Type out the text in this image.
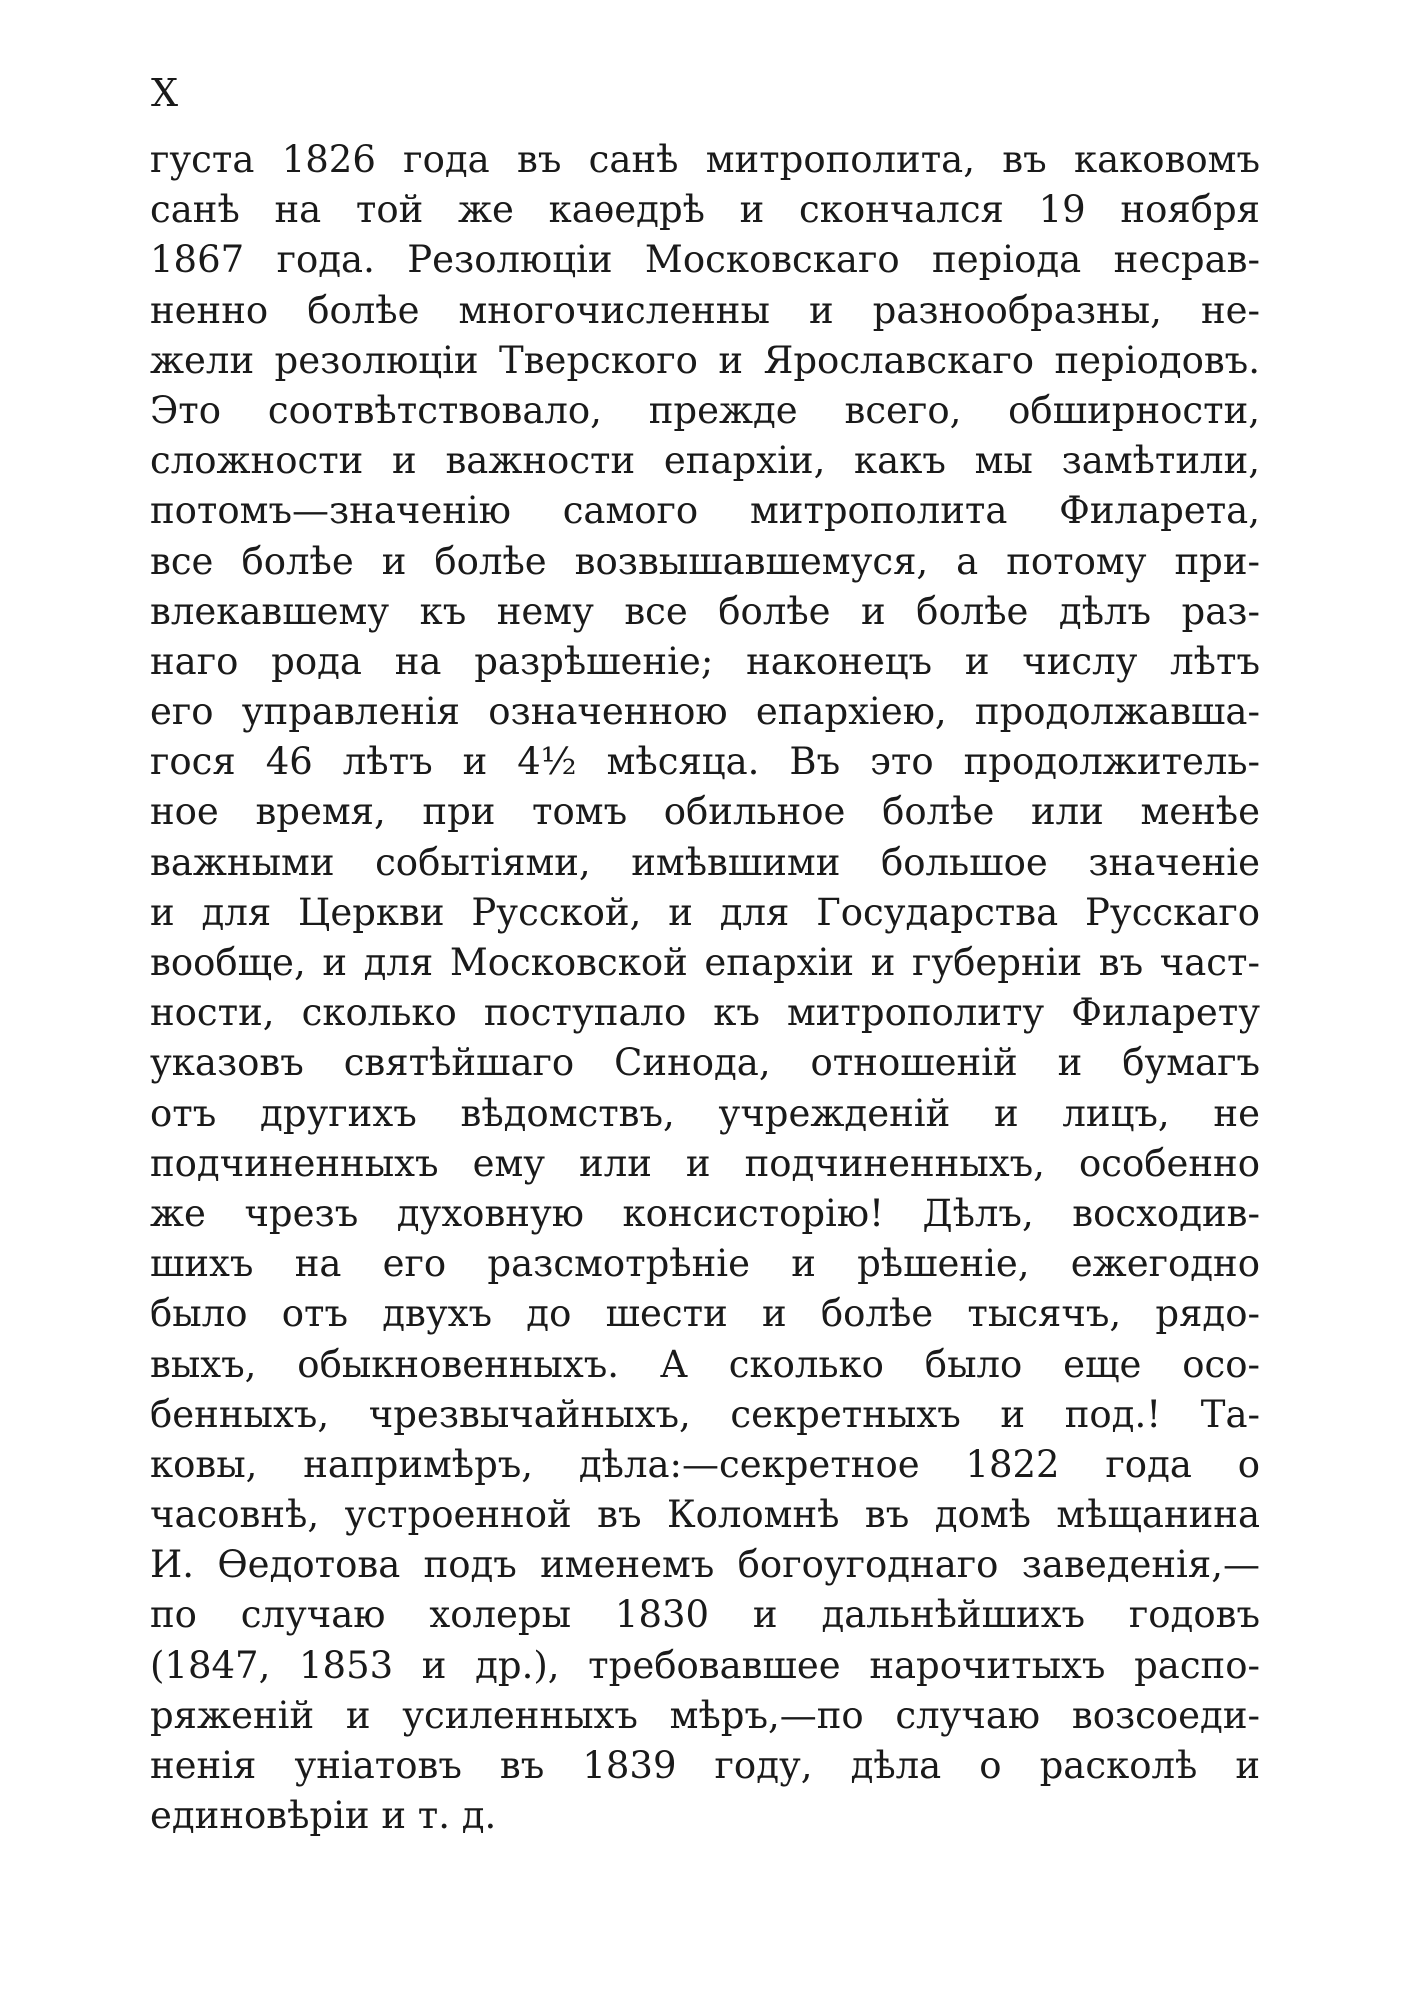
X
густа 1826 года въ санѣ митрополита, въ каковомъ
санѣ на той же каѳедрѣ и скончался 19 ноября
1867 года. Резолюціи Московскаго періода несрав-
ненно болѣе многочисленны и разнообразны, не-
жели резолюціи Тверского и Ярославскаго періодовъ.
Это соотвѣтствовало, прежде всего, обширности,
сложности и важности епархіи, какъ мы замѣтили,
потомъ—значенію самого митрополита Филарета,
все болѣе и болѣе возвышавшемуся, а потому при-
влекавшему къ нему все болѣе и болѣе дѣлъ раз-
наго рода на разрѣшеніе; наконецъ и числу лѣтъ
его управленія означенною епархіею, продолжавша-
гося 46 лѣтъ и 4½ мѣсяца. Въ это продолжитель-
ное время, при томъ обильное болѣе или менѣе
важными событіями, имѣвшими большое значеніе
и для Церкви Русской, и для Государства Русскаго
вообще, и для Московской епархіи и губерніи въ част-
ности, сколько поступало къ митрополиту Филарету
указовъ святѣйшаго Синода, отношеній и бумагъ
отъ другихъ вѣдомствъ, учрежденій и лицъ, не
подчиненныхъ ему или и подчиненныхъ, особенно
же чрезъ духовную консисторію! Дѣлъ, восходив-
шихъ на его разсмотрѣніе и рѣшеніе, ежегодно
было отъ двухъ до шести и болѣе тысячъ, рядо-
выхъ, обыкновенныхъ. А сколько было еще осо-
бенныхъ, чрезвычайныхъ, секретныхъ и под.! Та-
ковы, напримѣръ, дѣла:—секретное 1822 года о
часовнѣ, устроенной въ Коломнѣ въ домѣ мѣщанина
И. Ѳедотова подъ именемъ богоугоднаго заведенія,—
по случаю холеры 1830 и дальнѣйшихъ годовъ
(1847, 1853 и др.), требовавшее нарочитыхъ распо-
ряженій и усиленныхъ мѣръ,—по случаю возсоеди-
ненія уніатовъ въ 1839 году, дѣла о расколѣ и
единовѣріи и т. д.
